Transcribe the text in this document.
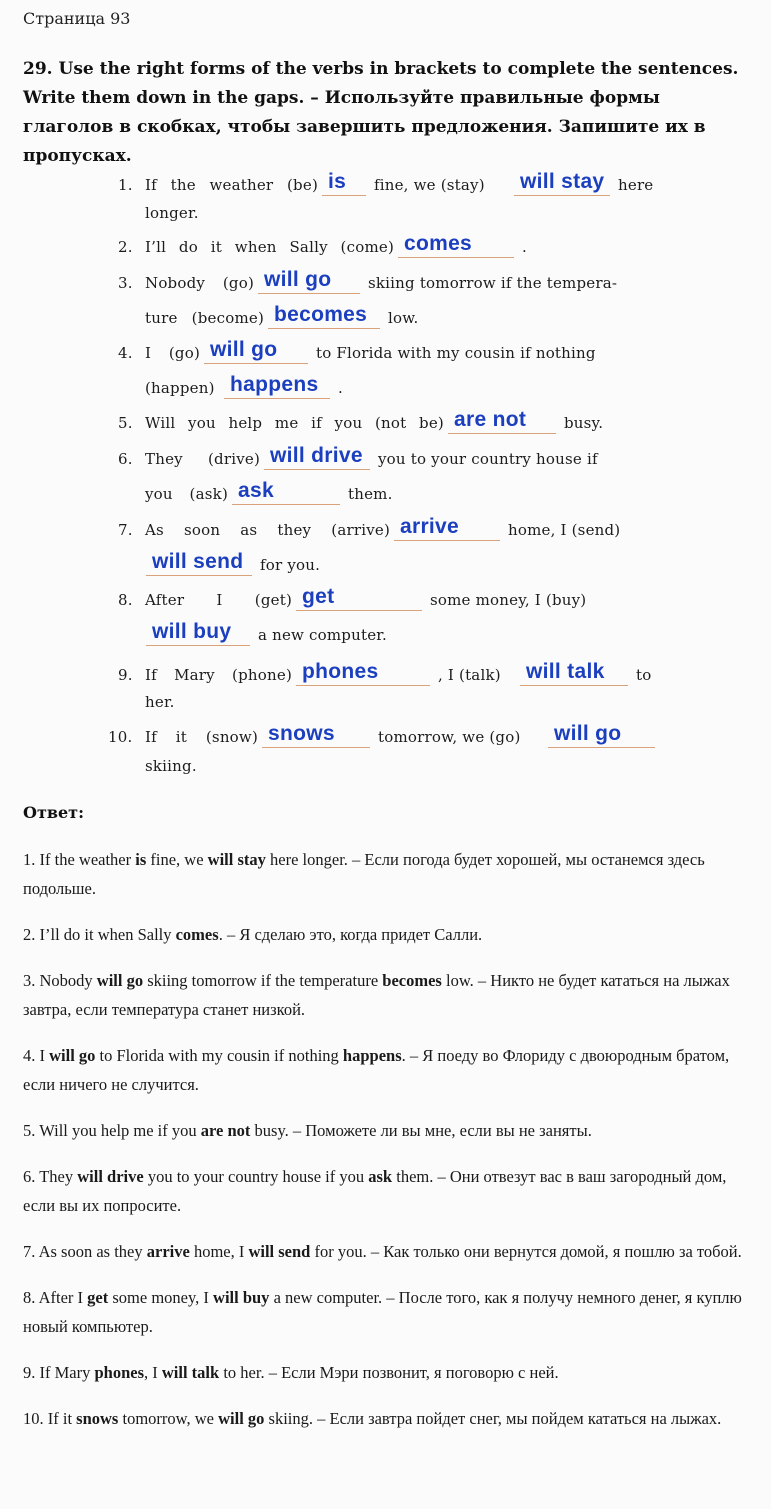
Страница 93
29. Use the right forms of the verbs in brackets to complete the sentences. Write them down in the gaps. – Используйте правильные формы глаголов в скобках, чтобы завершить предложения. Запишите их в пропусках.
1. If the weather (be)	fine, we (stay)	here
is	will stay
longer.
2. I’ll do it when Sally (come)	.
comes
3. Nobody (go)	skiing tomorrow if the tempera-
will go
ture (become)	low.
becomes
4. I (go)	to Florida with my cousin if nothing
will go
(happen)	.
happens
5. Will you help me if you (not be)	busy.
are not
6. They (drive)	you to your country house if
will drive
you (ask)	them.
ask
7. As soon as they (arrive)	home, I (send)
arrive
for you.
will send
8. After I (get)	some money, I (buy)
get
a new computer.
will buy
9. If Mary (phone)	, I (talk)	to
phones	will talk
her.
10. If it (snow)	tomorrow, we (go)
snows	will go
skiing.
Ответ:

1. If the weather is fine, we will stay here longer. – Если погода будет хорошей, мы останемся здесь подольше.

2. I’ll do it when Sally comes. – Я сделаю это, когда придет Салли.

3. Nobody will go skiing tomorrow if the temperature becomes low. – Никто не будет кататься на лыжах завтра, если температура станет низкой.

4. I will go to Florida with my cousin if nothing happens. – Я поеду во Флориду с двоюродным братом, если ничего не случится.

5. Will you help me if you are not busy. – Поможете ли вы мне, если вы не заняты.

6. They will drive you to your country house if you ask them. – Они отвезут вас в ваш загородный дом, если вы их попросите.

7. As soon as they arrive home, I will send for you. – Как только они вернутся домой, я пошлю за тобой.

8. After I get some money, I will buy a new computer. – После того, как я получу немного денег, я куплю новый компьютер.

9. If Mary phones, I will talk to her. – Если Мэри позвонит, я поговорю с ней.

10. If it snows tomorrow, we will go skiing. – Если завтра пойдет снег, мы пойдем кататься на лыжах.
